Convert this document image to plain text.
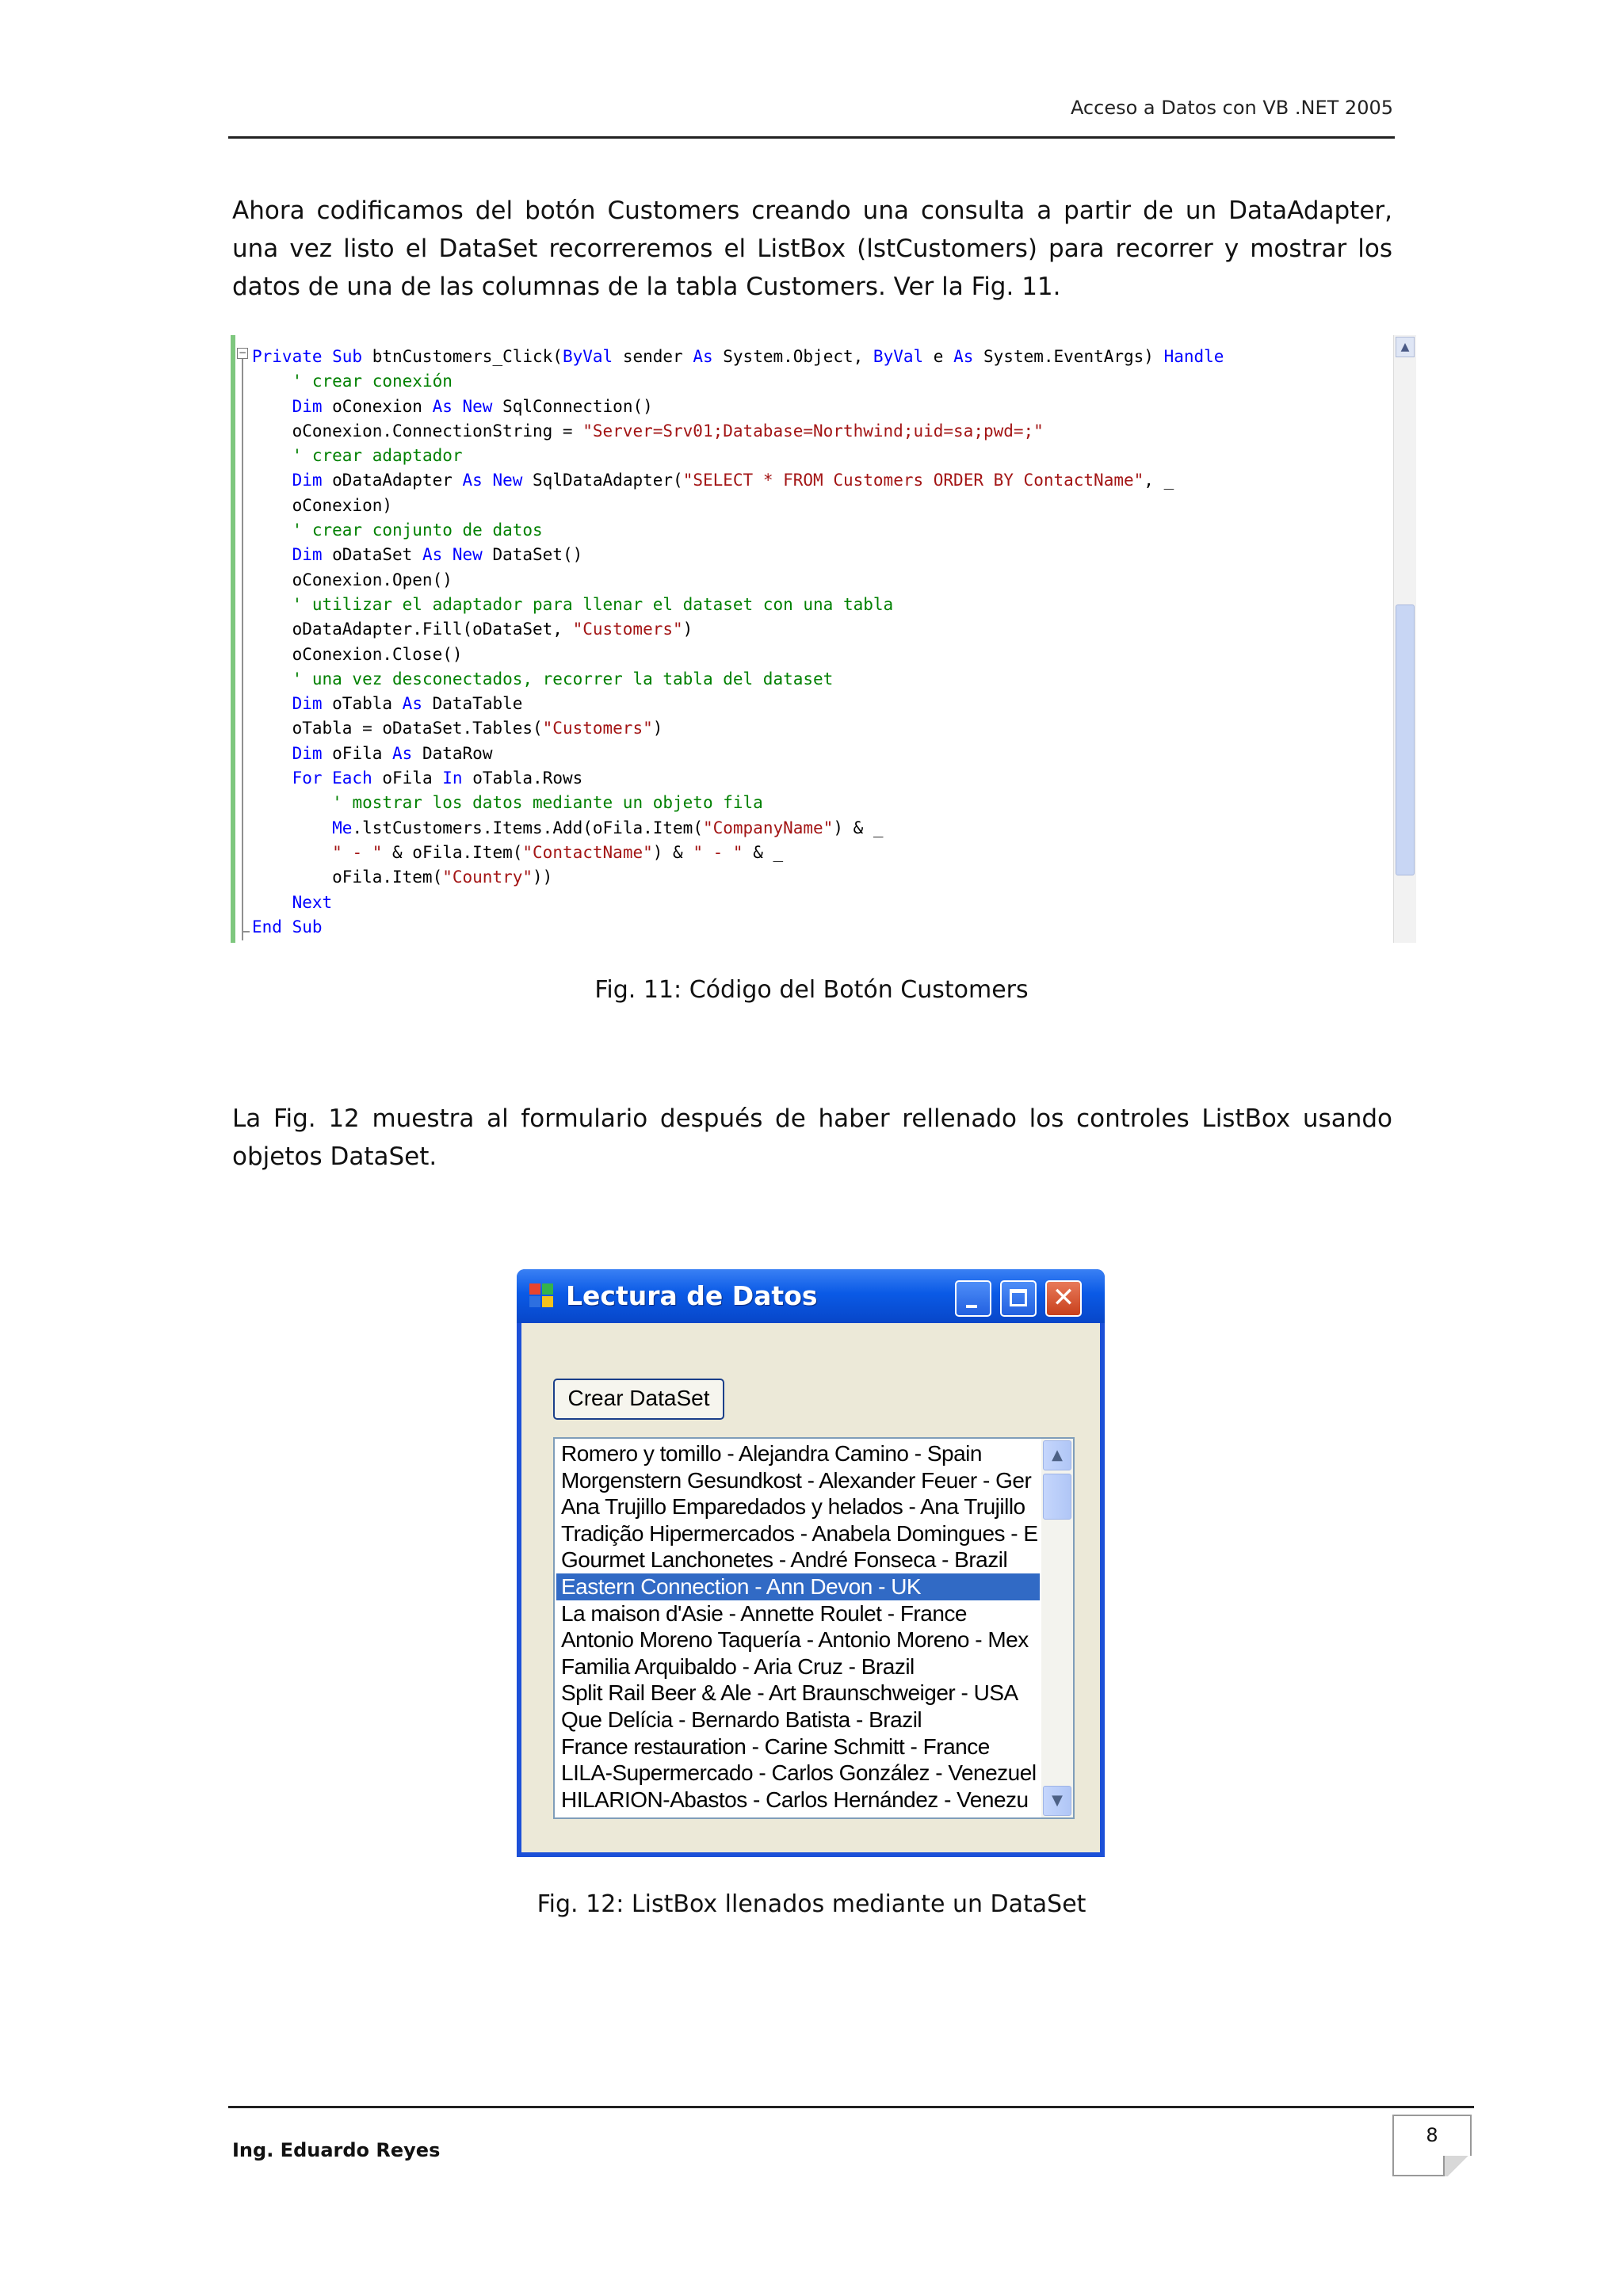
Acceso a Datos con VB .NET 2005

Ahora codificamos del botón Customers creando una consulta a partir de un DataAdapter, una vez listo el DataSet recorreremos el ListBox (lstCustomers) para recorrer y mostrar los datos de una de las columnas de la tabla Customers. Ver la Fig. 11.

− Private Sub btnCustomers_Click(ByVal sender As System.Object, ByVal e As System.EventArgs) Handle
' crear conexión
Dim oConexion As New SqlConnection()
oConexion.ConnectionString = "Server=Srv01;Database=Northwind;uid=sa;pwd=;"
' crear adaptador
Dim oDataAdapter As New SqlDataAdapter("SELECT * FROM Customers ORDER BY ContactName", _
oConexion)
' crear conjunto de datos
Dim oDataSet As New DataSet()
oConexion.Open()
' utilizar el adaptador para llenar el dataset con una tabla
oDataAdapter.Fill(oDataSet, "Customers")
oConexion.Close()
' una vez desconectados, recorrer la tabla del dataset
Dim oTabla As DataTable
oTabla = oDataSet.Tables("Customers")
Dim oFila As DataRow
For Each oFila In oTabla.Rows
' mostrar los datos mediante un objeto fila
Me.lstCustomers.Items.Add(oFila.Item("CompanyName") & _
" - " & oFila.Item("ContactName") & " - " & _
oFila.Item("Country"))
Next
End Sub
▲
Fig. 11: Código del Botón Customers

La Fig. 12 muestra al formulario después de haber rellenado los controles ListBox usando objetos DataSet.

Lectura de Datos	✕
Crear DataSet
Romero y tomillo - Alejandra Camino - Spain
Morgenstern Gesundkost - Alexander Feuer - Ger
Ana Trujillo Emparedados y helados - Ana Trujillo
Tradição Hipermercados - Anabela Domingues - E
Gourmet Lanchonetes - André Fonseca - Brazil
Eastern Connection - Ann Devon - UK
La maison d'Asie - Annette Roulet - France
Antonio Moreno Taquería - Antonio Moreno - Mex
Familia Arquibaldo - Aria Cruz - Brazil
Split Rail Beer & Ale - Art Braunschweiger - USA
Que Delícia - Bernardo Batista - Brazil
France restauration - Carine Schmitt - France
LILA-Supermercado - Carlos González - Venezuel
HILARION-Abastos - Carlos Hernández - Venezu
▲
▼
Fig. 12: ListBox llenados mediante un DataSet
Ing. Eduardo Reyes
8
